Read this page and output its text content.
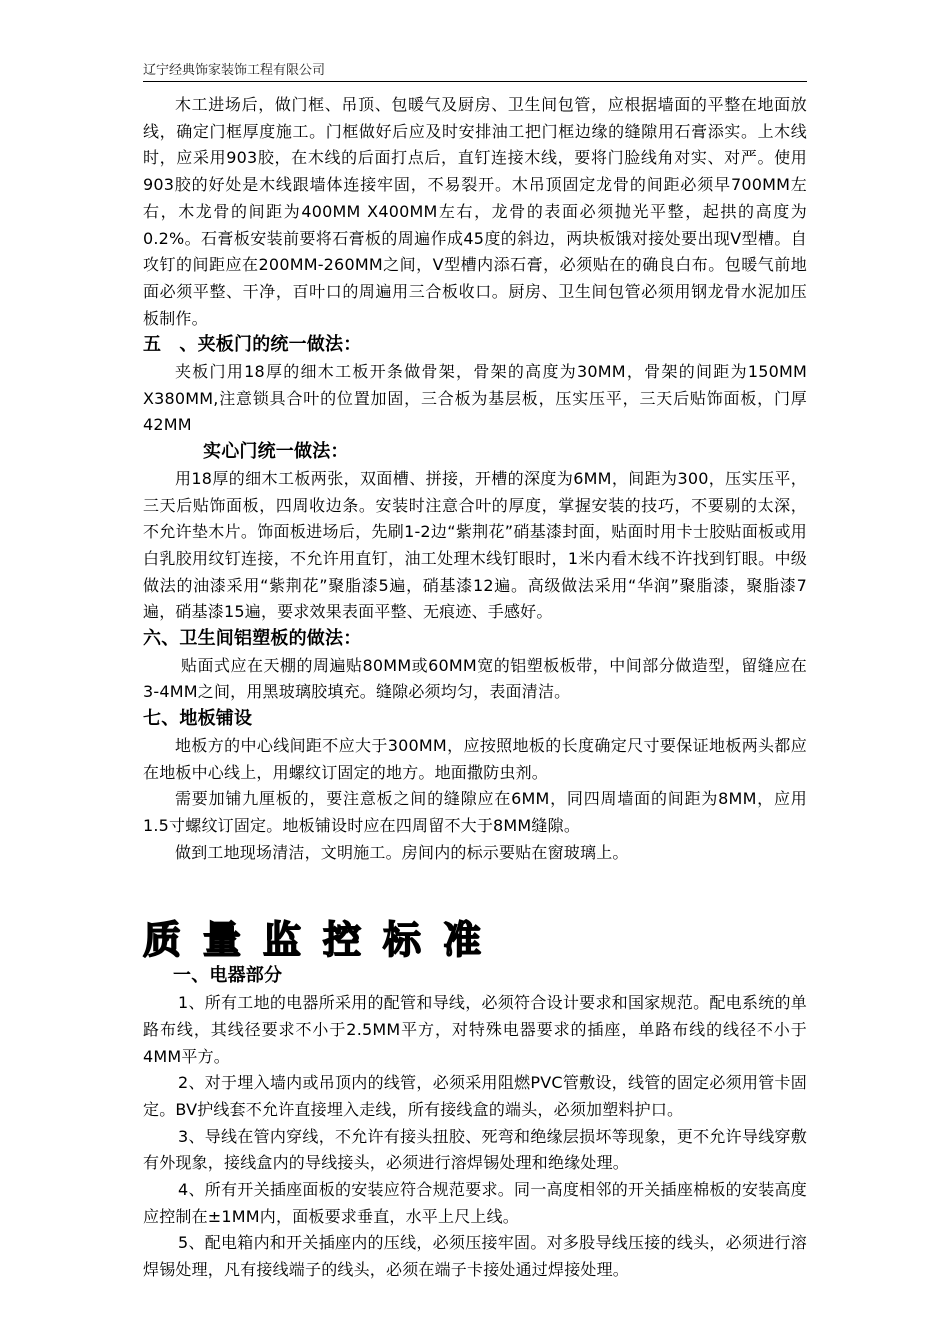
辽宁经典饰家装饰工程有限公司

木工进场后，做门框、吊顶、包暖气及厨房、卫生间包管，应根据墙面的平整在地面放线，确定门框厚度施工。门框做好后应及时安排油工把门框边缘的缝隙用石膏添实。上木线时，应采用903胶，在木线的后面打点后，直钉连接木线，要将门脸线角对实、对严。使用903胶的好处是木线跟墙体连接牢固，不易裂开。木吊顶固定龙骨的间距必须早700MM左右，木龙骨的间距为400MM X400MM左右，龙骨的表面必须抛光平整，起拱的高度为0.2%。石膏板安装前要将石膏板的周遍作成45度的斜边，两块板饿对接处要出现V型槽。自攻钉的间距应在200MM-260MM之间，V型槽内添石膏，必须贴在的确良白布。包暖气前地面必须平整、干净，百叶口的周遍用三合板收口。厨房、卫生间包管必须用钢龙骨水泥加压板制作。

五　、夹板门的统一做法：

夹板门用18厚的细木工板开条做骨架，骨架的高度为30MM，骨架的间距为150MM X380MM,注意锁具合叶的位置加固，三合板为基层板，压实压平，三天后贴饰面板，门厚42MM

实心门统一做法：

用18厚的细木工板两张，双面槽、拼接，开槽的深度为6MM，间距为300，压实压平，三天后贴饰面板，四周收边条。安装时注意合叶的厚度，掌握安装的技巧，不要剔的太深，不允许垫木片。饰面板进场后，先刷1-2边“紫荆花”硝基漆封面，贴面时用卡士胶贴面板或用白乳胶用纹钉连接，不允许用直钉，油工处理木线钉眼时，1米内看木线不许找到钉眼。中级做法的油漆采用“紫荆花”聚脂漆5遍，硝基漆12遍。高级做法采用“华润”聚脂漆，聚脂漆7遍，硝基漆15遍，要求效果表面平整、无痕迹、手感好。

六、卫生间铝塑板的做法：

贴面式应在天棚的周遍贴80MM或60MM宽的铝塑板板带，中间部分做造型，留缝应在3-4MM之间，用黑玻璃胶填充。缝隙必须均匀，表面清洁。

七、地板铺设

地板方的中心线间距不应大于300MM，应按照地板的长度确定尺寸要保证地板两头都应在地板中心线上，用螺纹订固定的地方。地面撒防虫剂。

需要加铺九厘板的，要注意板之间的缝隙应在6MM，同四周墙面的间距为8MM，应用1.5寸螺纹订固定。地板铺设时应在四周留不大于8MM缝隙。

做到工地现场清洁，文明施工。房间内的标示要贴在窗玻璃上。

质量监控标准

一、电器部分

1、所有工地的电器所采用的配管和导线，必须符合设计要求和国家规范。配电系统的单路布线，其线径要求不小于2.5MM平方，对特殊电器要求的插座，单路布线的线径不小于4MM平方。

2、对于埋入墙内或吊顶内的线管，必须采用阻燃PVC管敷设，线管的固定必须用管卡固定。BV护线套不允许直接埋入走线，所有接线盒的端头，必须加塑料护口。

3、导线在管内穿线，不允许有接头扭胶、死弯和绝缘层损坏等现象，更不允许导线穿敷有外现象，接线盒内的导线接头，必须进行溶焊锡处理和绝缘处理。

4、所有开关插座面板的安装应符合规范要求。同一高度相邻的开关插座棉板的安装高度应控制在±1MM内，面板要求垂直，水平上尺上线。

5、配电箱内和开关插座内的压线，必须压接牢固。对多股导线压接的线头，必须进行溶焊锡处理，凡有接线端子的线头，必须在端子卡接处通过焊接处理。
